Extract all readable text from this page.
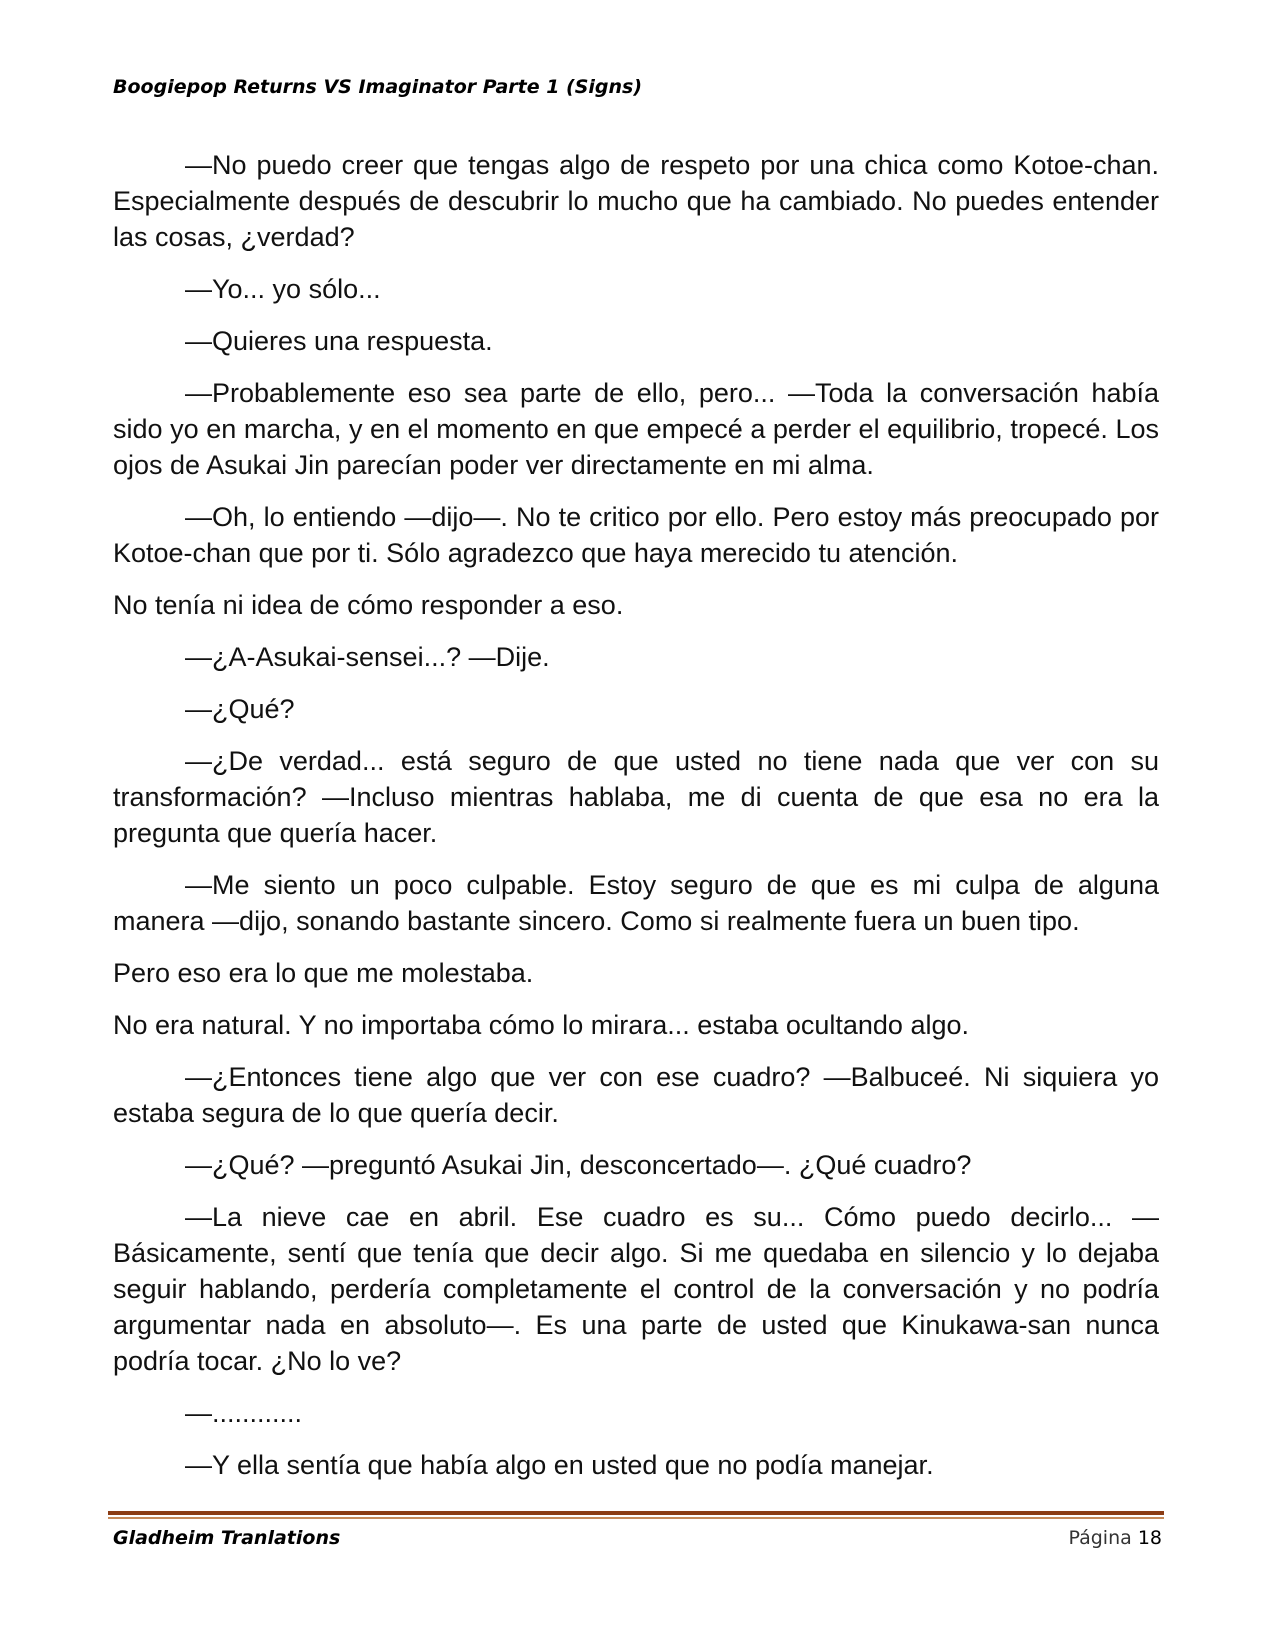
Boogiepop Returns VS Imaginator Parte 1 (Signs)

—No puedo creer que tengas algo de respeto por una chica como Kotoe-chan. Especialmente después de descubrir lo mucho que ha cambiado. No puedes entender las cosas, ¿verdad?

—Yo... yo sólo...

—Quieres una respuesta.

—Probablemente eso sea parte de ello, pero... —Toda la conversación había sido yo en marcha, y en el momento en que empecé a perder el equilibrio, tropecé. Los ojos de Asukai Jin parecían poder ver directamente en mi alma.

—Oh, lo entiendo —dijo—. No te critico por ello. Pero estoy más preocupado por Kotoe-chan que por ti. Sólo agradezco que haya merecido tu atención.

No tenía ni idea de cómo responder a eso.

—¿A-Asukai-sensei...? —Dije.

—¿Qué?

—¿De verdad... está seguro de que usted no tiene nada que ver con su transformación? —Incluso mientras hablaba, me di cuenta de que esa no era la pregunta que quería hacer.

—Me siento un poco culpable. Estoy seguro de que es mi culpa de alguna manera —dijo, sonando bastante sincero. Como si realmente fuera un buen tipo.

Pero eso era lo que me molestaba.

No era natural. Y no importaba cómo lo mirara... estaba ocultando algo.

—¿Entonces tiene algo que ver con ese cuadro? —Balbuceé. Ni siquiera yo estaba segura de lo que quería decir.

—¿Qué? —preguntó Asukai Jin, desconcertado—. ¿Qué cuadro?

—La nieve cae en abril. Ese cuadro es su... Cómo puedo decirlo... —Básicamente, sentí que tenía que decir algo. Si me quedaba en silencio y lo dejaba seguir hablando, perdería completamente el control de la conversación y no podría argumentar nada en absoluto—. Es una parte de usted que Kinukawa-san nunca podría tocar. ¿No lo ve?

—............

—Y ella sentía que había algo en usted que no podía manejar.

Gladheim Tranlations	Página 18
